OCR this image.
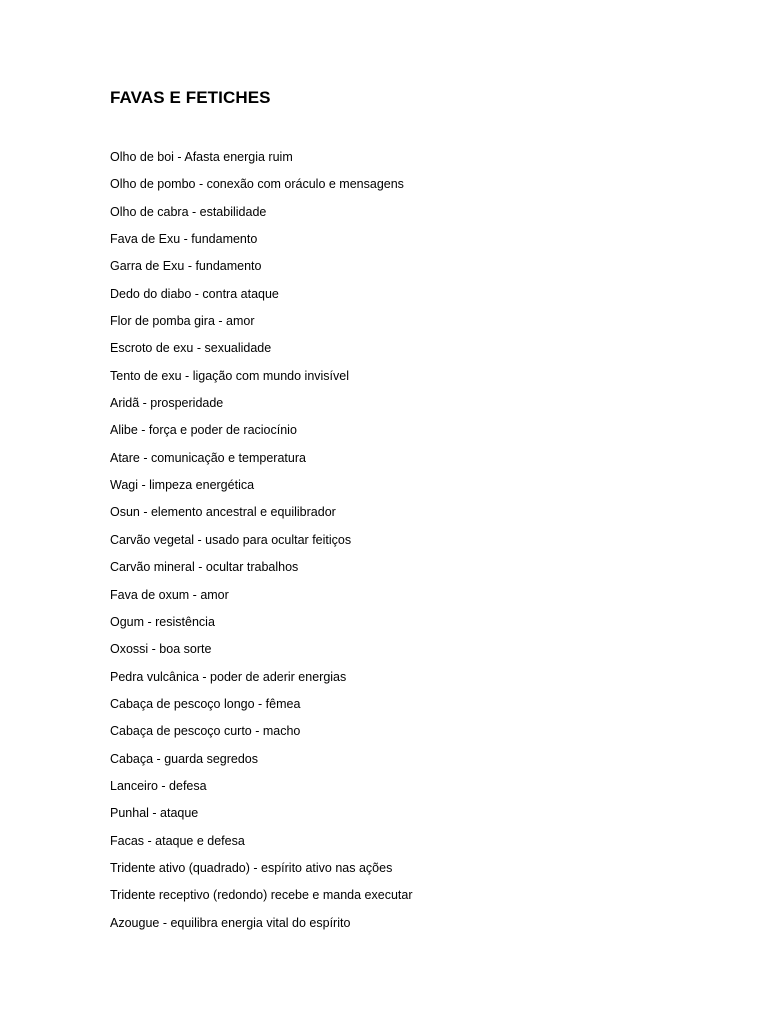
FAVAS E FETICHES
Olho de boi - Afasta energia ruim
Olho de pombo - conexão com oráculo e mensagens
Olho de cabra - estabilidade
Fava de Exu - fundamento
Garra de Exu - fundamento
Dedo do diabo - contra ataque
Flor de pomba gira - amor
Escroto de exu - sexualidade
Tento de exu - ligação com mundo invisível
Aridã - prosperidade
Alibe - força e poder de raciocínio
Atare - comunicação e temperatura
Wagi - limpeza energética
Osun - elemento ancestral e equilibrador
Carvão vegetal - usado para ocultar feitiços
Carvão mineral - ocultar trabalhos
Fava de oxum - amor
Ogum - resistência
Oxossi - boa sorte
Pedra vulcânica - poder de aderir energias
Cabaça de pescoço longo - fêmea
Cabaça de pescoço curto - macho
Cabaça - guarda segredos
Lanceiro - defesa
Punhal - ataque
Facas - ataque e defesa
Tridente ativo (quadrado) - espírito ativo nas ações
Tridente receptivo (redondo) recebe e manda executar
Azougue - equilibra energia vital do espírito
